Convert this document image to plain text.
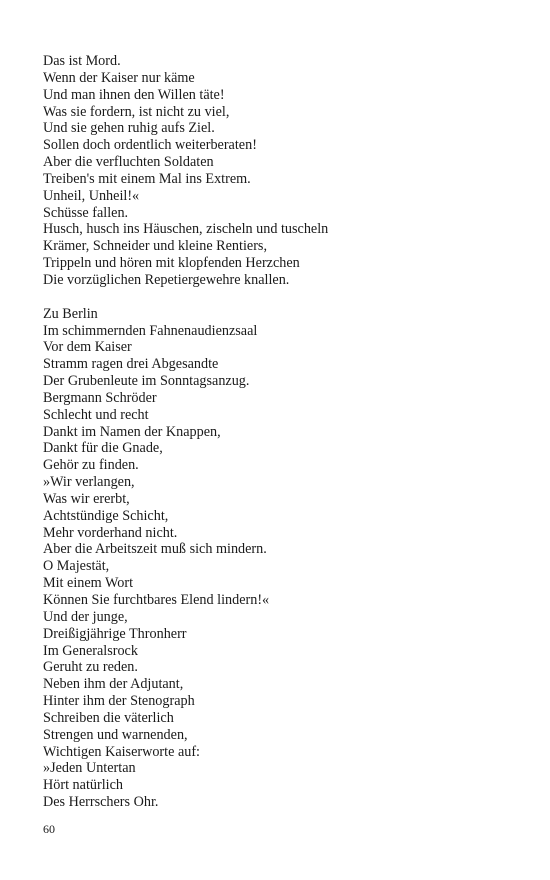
Das ist Mord.
Wenn der Kaiser nur käme
Und man ihnen den Willen täte!
Was sie fordern, ist nicht zu viel,
Und sie gehen ruhig aufs Ziel.
Sollen doch ordentlich weiterberaten!
Aber die verfluchten Soldaten
Treiben's mit einem Mal ins Extrem.
Unheil, Unheil!«
Schüsse fallen.
Husch, husch ins Häuschen, zischeln und tuscheln
Krämer, Schneider und kleine Rentiers,
Trippeln und hören mit klopfenden Herzchen
Die vorzüglichen Repetiergewehre knallen.
Zu Berlin
Im schimmernden Fahnenaudienzsaal
Vor dem Kaiser
Stramm ragen drei Abgesandte
Der Grubenleute im Sonntagsanzug.
Bergmann Schröder
Schlecht und recht
Dankt im Namen der Knappen,
Dankt für die Gnade,
Gehör zu finden.
»Wir verlangen,
Was wir ererbt,
Achtstündige Schicht,
Mehr vorderhand nicht.
Aber die Arbeitszeit muß sich mindern.
O Majestät,
Mit einem Wort
Können Sie furchtbares Elend lindern!«
Und der junge,
Dreißigjährige Thronherr
Im Generalsrock
Geruht zu reden.
Neben ihm der Adjutant,
Hinter ihm der Stenograph
Schreiben die väterlich
Strengen und warnenden,
Wichtigen Kaiserworte auf:
»Jeden Untertan
Hört natürlich
Des Herrschers Ohr.
60
